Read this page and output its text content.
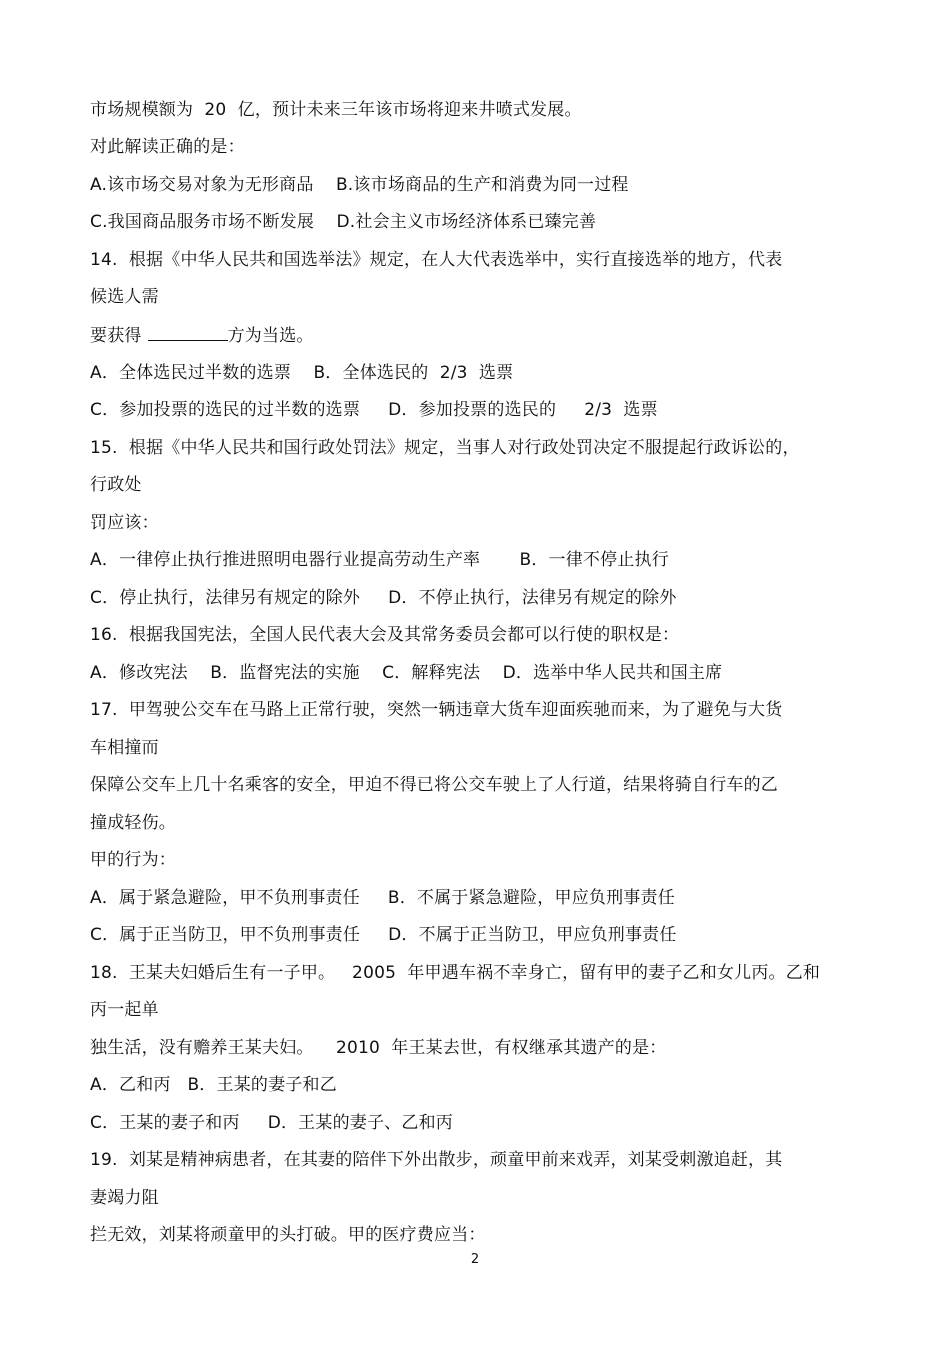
市场规模额为  20  亿，预计未来三年该市场将迎来井喷式发展。
对此解读正确的是：
A.该市场交易对象为无形商品    B.该市场商品的生产和消费为同一过程
C.我国商品服务市场不断发展    D.社会主义市场经济体系已臻完善
14.  根据《中华人民共和国选举法》规定，在人大代表选举中，实行直接选举的地方，代表
候选人需
要获得	方为当选。
A．全体选民过半数的选票    B．全体选民的  2/3  选票
C．参加投票的选民的过半数的选票     D．参加投票的选民的     2/3  选票
15.  根据《中华人民共和国行政处罚法》规定，当事人对行政处罚决定不服提起行政诉讼的，
行政处
罚应该：
A．一律停止执行推进照明电器行业提高劳动生产率       B．一律不停止执行
C．停止执行，法律另有规定的除外     D．不停止执行，法律另有规定的除外
16.  根据我国宪法，全国人民代表大会及其常务委员会都可以行使的职权是：
A．修改宪法    B．监督宪法的实施    C．解释宪法    D．选举中华人民共和国主席
17.  甲驾驶公交车在马路上正常行驶，突然一辆违章大货车迎面疾驰而来，为了避免与大货
车相撞而
保障公交车上几十名乘客的安全，甲迫不得已将公交车驶上了人行道，结果将骑自行车的乙
撞成轻伤。
甲的行为：
A．属于紧急避险，甲不负刑事责任     B．不属于紧急避险，甲应负刑事责任
C．属于正当防卫，甲不负刑事责任     D．不属于正当防卫，甲应负刑事责任
18.  王某夫妇婚后生有一子甲。   2005  年甲遇车祸不幸身亡，留有甲的妻子乙和女儿丙。乙和
丙一起单
独生活，没有赡养王某夫妇。    2010  年王某去世，有权继承其遗产的是：
A．乙和丙   B．王某的妻子和乙
C．王某的妻子和丙     D．王某的妻子、乙和丙
19.  刘某是精神病患者，在其妻的陪伴下外出散步，顽童甲前来戏弄，刘某受刺激追赶，其
妻竭力阻
拦无效，刘某将顽童甲的头打破。甲的医疗费应当：
2
